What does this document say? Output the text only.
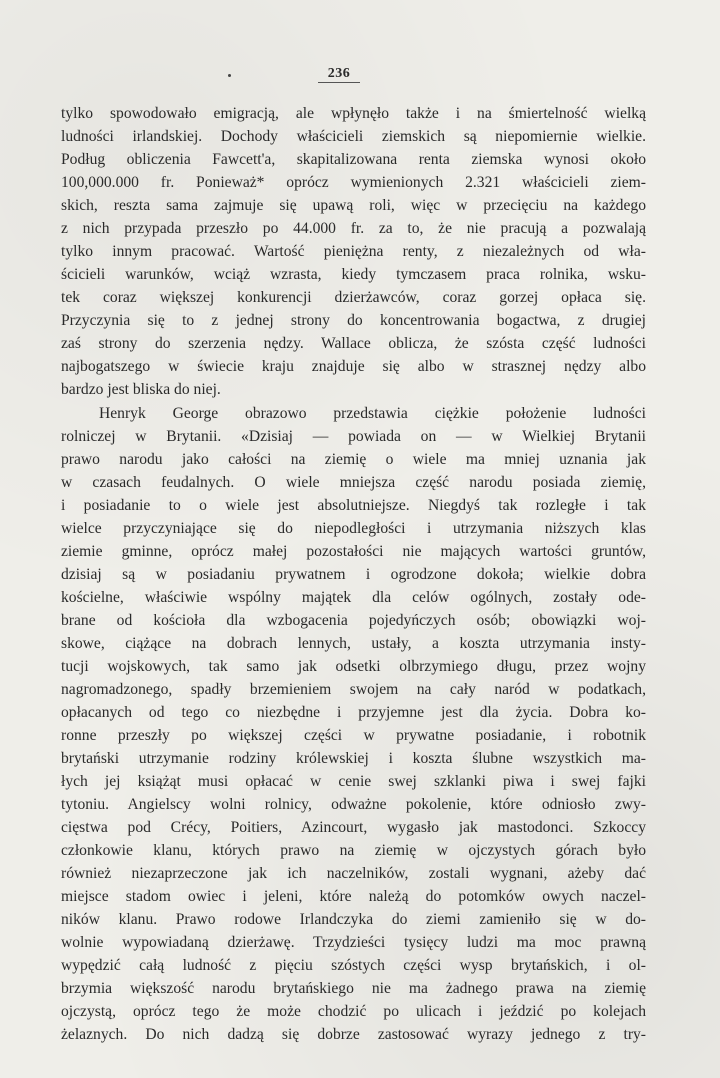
236
tylko spowodowało emigracją, ale wpłynęło także i na śmiertelność wielką
ludności irlandskiej. Dochody właścicieli ziemskich są niepomiernie wielkie.
Podług obliczenia Fawcett'a, skapitalizowana renta ziemska wynosi około
100,000.000 fr. Ponieważ* oprócz wymienionych 2.321 właścicieli ziem-
skich, reszta sama zajmuje się upawą roli, więc w przecięciu na każdego
z nich przypada przeszło po 44.000 fr. za to, że nie pracują a pozwalają
tylko innym pracować. Wartość pieniężna renty, z niezależnych od wła-
ścicieli warunków, wciąż wzrasta, kiedy tymczasem praca rolnika, wsku-
tek coraz większej konkurencji dzierżawców, coraz gorzej opłaca się.
Przyczynia się to z jednej strony do koncentrowania bogactwa, z drugiej
zaś strony do szerzenia nędzy. Wallace oblicza, że szósta część ludności
najbogatszego w świecie kraju znajduje się albo w strasznej nędzy albo
bardzo jest bliska do niej.
Henryk George obrazowo przedstawia ciężkie położenie ludności
rolniczej w Brytanii. «Dzisiaj — powiada on — w Wielkiej Brytanii
prawo narodu jako całości na ziemię o wiele ma mniej uznania jak
w czasach feudalnych. O wiele mniejsza część narodu posiada ziemię,
i posiadanie to o wiele jest absolutniejsze. Niegdyś tak rozległe i tak
wielce przyczyniające się do niepodległości i utrzymania niższych klas
ziemie gminne, oprócz małej pozostałości nie mających wartości gruntów,
dzisiaj są w posiadaniu prywatnem i ogrodzone dokoła; wielkie dobra
kościelne, właściwie wspólny majątek dla celów ogólnych, zostały ode-
brane od kościoła dla wzbogacenia pojedyńczych osób; obowiązki woj-
skowe, ciążące na dobrach lennych, ustały, a koszta utrzymania insty-
tucji wojskowych, tak samo jak odsetki olbrzymiego długu, przez wojny
nagromadzonego, spadły brzemieniem swojem na cały naród w podatkach,
opłacanych od tego co niezbędne i przyjemne jest dla życia. Dobra ko-
ronne przeszły po większej części w prywatne posiadanie, i robotnik
brytański utrzymanie rodziny królewskiej i koszta ślubne wszystkich ma-
łych jej książąt musi opłacać w cenie swej szklanki piwa i swej fajki
tytoniu. Angielscy wolni rolnicy, odważne pokolenie, które odniosło zwy-
cięstwa pod Crécy, Poitiers, Azincourt, wygasło jak mastodonci. Szkoccy
członkowie klanu, których prawo na ziemię w ojczystych górach było
również niezaprzeczone jak ich naczelników, zostali wygnani, ażeby dać
miejsce stadom owiec i jeleni, które należą do potomków owych naczel-
ników klanu. Prawo rodowe Irlandczyka do ziemi zamieniło się w do-
wolnie wypowiadaną dzierżawę. Trzydzieści tysięcy ludzi ma moc prawną
wypędzić całą ludność z pięciu szóstych części wysp brytańskich, i ol-
brzymia większość narodu brytańskiego nie ma żadnego prawa na ziemię
ojczystą, oprócz tego że może chodzić po ulicach i jeździć po kolejach
żelaznych. Do nich dadzą się dobrze zastosować wyrazy jednego z try-
